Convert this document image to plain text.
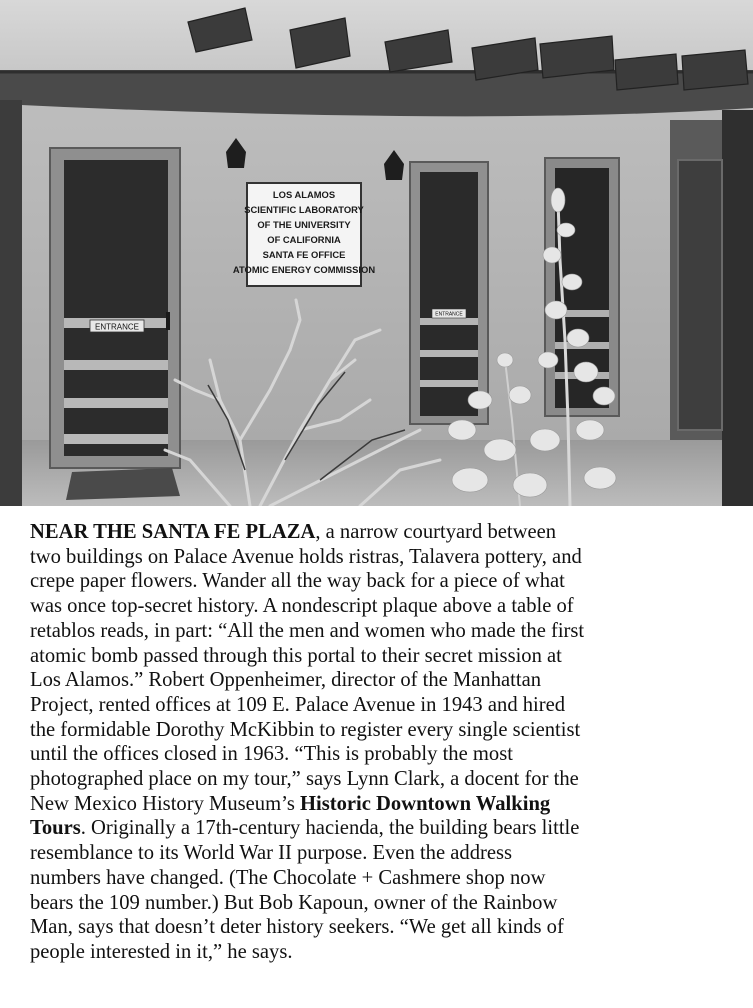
ENTRANCE
LOS ALAMOS
SCIENTIFIC LABORATORY
OF THE UNIVERSITY
OF CALIFORNIA
SANTA FE OFFICE
ATOMIC ENERGY COMMISSION
ENTRANCE
NEAR THE SANTA FE PLAZA, a narrow courtyard between
two buildings on Palace Avenue holds ristras, Talavera pottery, and
crepe paper flowers. Wander all the way back for a piece of what
was once top-secret history. A nondescript plaque above a table of
retablos reads, in part: “All the men and women who made the first
atomic bomb passed through this portal to their secret mission at
Los Alamos.” Robert Oppenheimer, director of the Manhattan
Project, rented offices at 109 E. Palace Avenue in 1943 and hired
the formidable Dorothy McKibbin to register every single scientist
until the offices closed in 1963. “This is probably the most
photographed place on my tour,” says Lynn Clark, a docent for the
New Mexico History Museum’s Historic Downtown Walking
Tours. Originally a 17th-century hacienda, the building bears little
resemblance to its World War II purpose. Even the address
numbers have changed. (The Chocolate + Cashmere shop now
bears the 109 number.) But Bob Kapoun, owner of the Rainbow
Man, says that doesn’t deter history seekers. “We get all kinds of
people interested in it,” he says.
